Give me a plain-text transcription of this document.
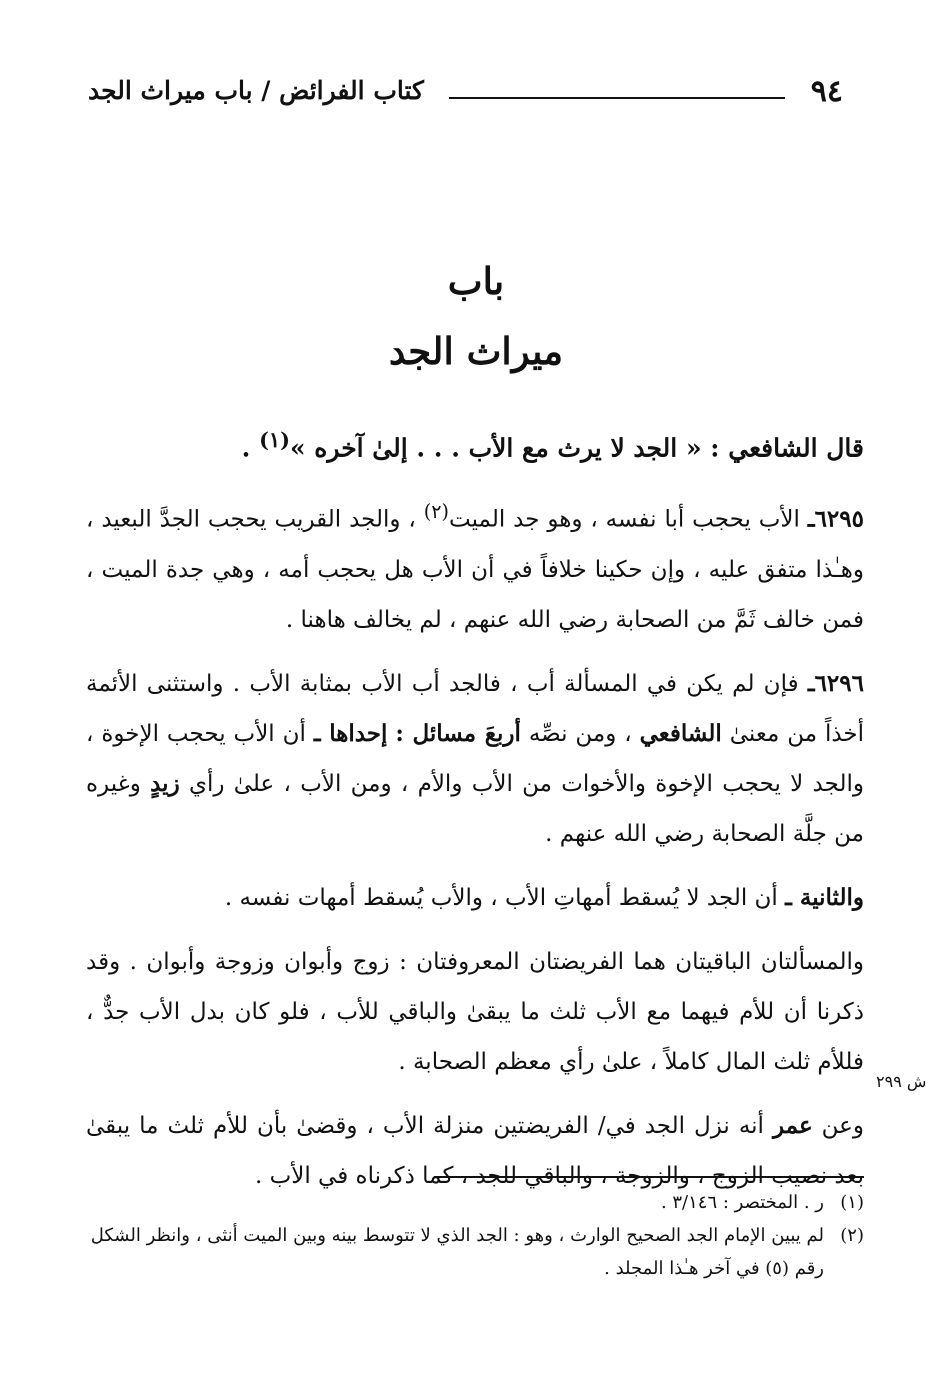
٩٤
كتاب الفرائض / باب ميراث الجد
باب
ميراث الجد

قال الشافعي : « الجد لا يرث مع الأب . . . إلىٰ آخره »$^{(١)}$ .

٦٢٩٥ـ الأب يحجب أبا نفسه ، وهو جد الميت$^{(٢)}$ ، والجد القريب يحجب الجدَّ البعيد ، وهـٰذا متفق عليه ، وإن حكينا خلافاً في أن الأب هل يحجب أمه ، وهي جدة الميت ، فمن خالف ثَمَّ من الصحابة رضي الله عنهم ، لم يخالف هاهنا .

٦٢٩٦ـ فإن لم يكن في المسألة أب ، فالجد أب الأب بمثابة الأب . واستثنى الأئمة أخذاً من معنىٰ الشافعي ، ومن نصِّه أربعَ مسائل : إحداها ـ أن الأب يحجب الإخوة ، والجد لا يحجب الإخوة والأخوات من الأب والأم ، ومن الأب ، علىٰ رأي زيدٍ وغيره من جلَّة الصحابة رضي الله عنهم .

والثانية ـ أن الجد لا يُسقط أمهاتِ الأب ، والأب يُسقط أمهات نفسه .

والمسألتان الباقيتان هما الفريضتان المعروفتان : زوج وأبوان وزوجة وأبوان . وقد ذكرنا أن للأم فيهما مع الأب ثلث ما يبقىٰ والباقي للأب ، فلو كان بدل الأب جدٌّ ، فللأم ثلث المال كاملاً ، علىٰ رأي معظم الصحابة .

وعن عمر أنه نزل الجد في/ الفريضتين منزلة الأب ، وقضىٰ بأن للأم ثلث ما يبقىٰ بعد نصيب الزوج ، والزوجة ، والباقي للجد ، كما ذكرناه في الأب .

ش ٢٩٩
(١)
ر . المختصر : ٣/١٤٦ .
(٢)
لم يبين الإمام الجد الصحيح الوارث ، وهو : الجد الذي لا تتوسط بينه وبين الميت أنثى ، وانظر الشكل رقم (٥) في آخر هـٰذا المجلد .
